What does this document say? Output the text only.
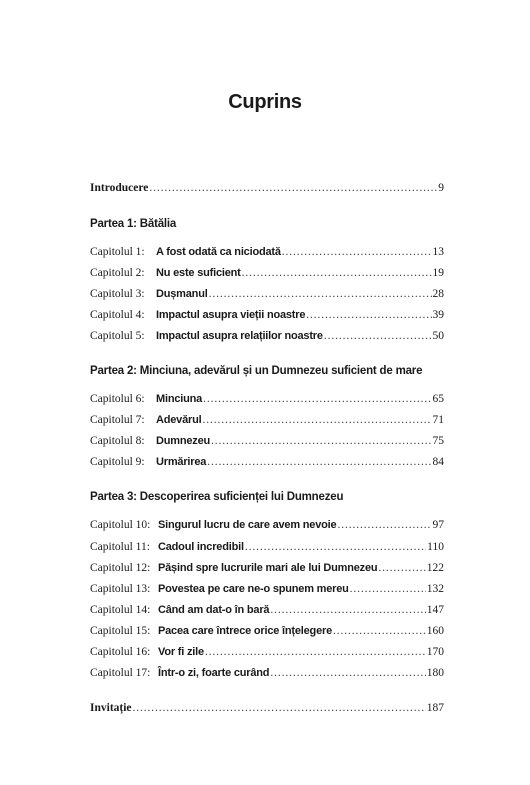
Cuprins
Introducere . . .	9
Partea 1: Bătălia
Capitolul 1:	A fost odată ca niciodată . . .	13
Capitolul 2:	Nu este suficient . . .	19
Capitolul 3:	Dușmanul . . .	28
Capitolul 4:	Impactul asupra vieții noastre . . .	39
Capitolul 5:	Impactul asupra relațiilor noastre . . .	50
Partea 2: Minciuna, adevărul și un Dumnezeu suficient de mare
Capitolul 6:	Minciuna . . .	65
Capitolul 7:	Adevărul . . .	71
Capitolul 8:	Dumnezeu . . .	75
Capitolul 9:	Urmărirea . . .	84
Partea 3: Descoperirea suficienței lui Dumnezeu
Capitolul 10: Singurul lucru de care avem nevoie . . .	97
Capitolul 11: Cadoul incredibil . . .	110
Capitolul 12: Pășind spre lucrurile mari ale lui Dumnezeu . . .	122
Capitolul 13: Povestea pe care ne-o spunem mereu . . .	132
Capitolul 14: Când am dat-o în bară . . .	147
Capitolul 15: Pacea care întrece orice înțelegere . . .	160
Capitolul 16: Vor fi zile . . .	170
Capitolul 17: Într-o zi, foarte curând . . .	180
Invitație . . .	187
